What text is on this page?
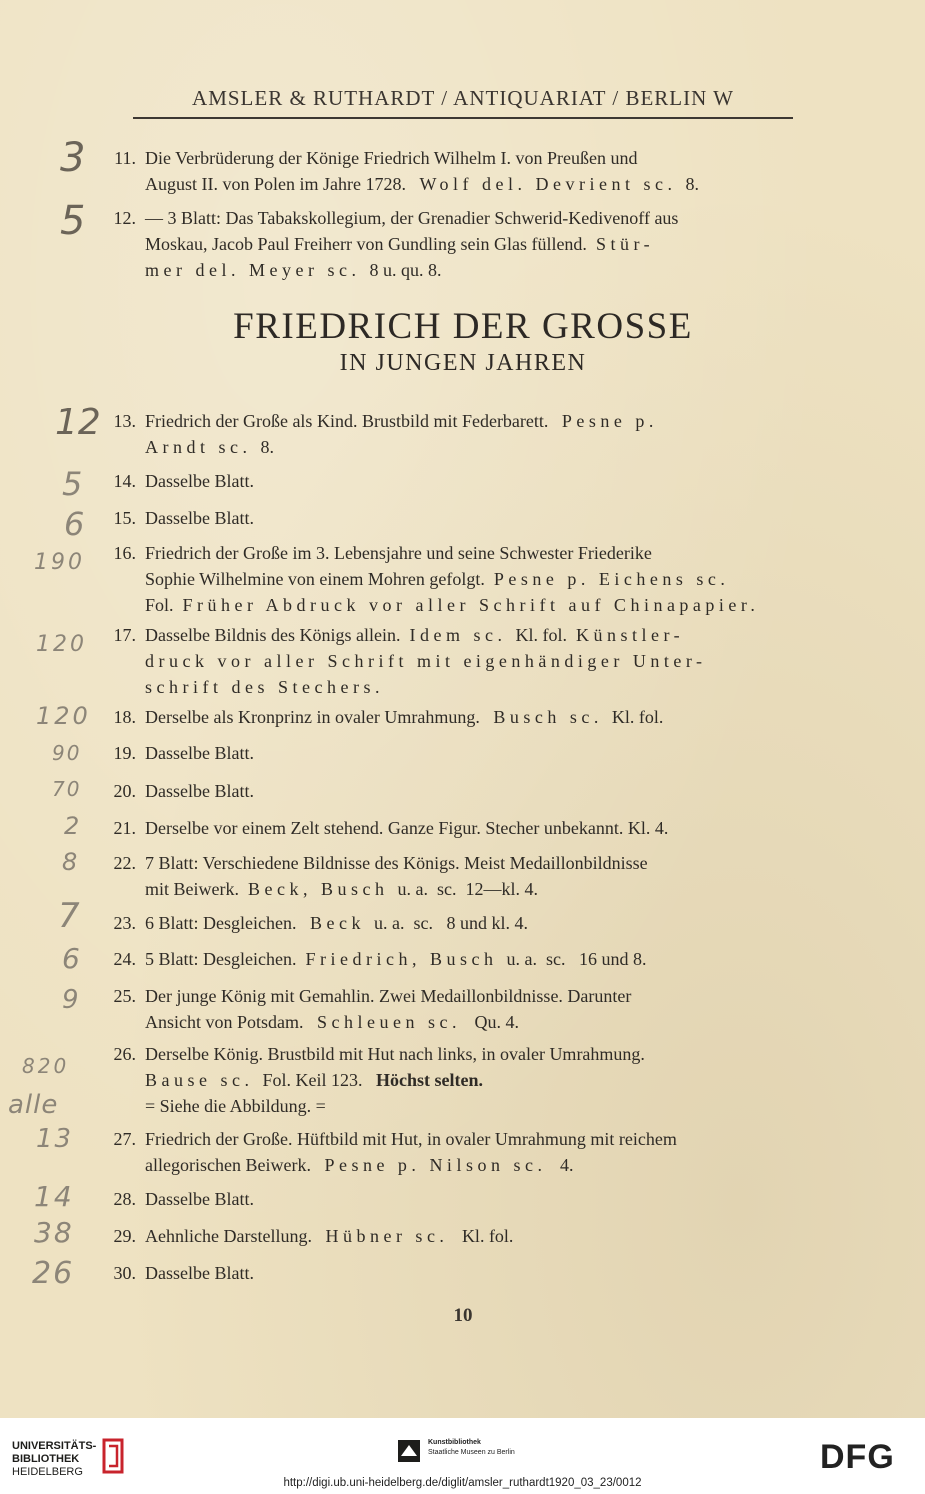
AMSLER & RUTHARDT / ANTIQUARIAT / BERLIN W
11. Die Verbrüderung der Könige Friedrich Wilhelm I. von Preußen und
August II. von Polen im Jahre 1728. Wolf del. Devrient sc. 8.
12. — 3 Blatt: Das Tabakskollegium, der Grenadier Schwerid-Kedivenoff aus
Moskau, Jacob Paul Freiherr von Gundling sein Glas füllend. Stür-
mer del. Meyer sc. 8 u. qu. 8.
FRIEDRICH DER GROSSE
IN JUNGEN JAHREN
13. Friedrich der Große als Kind. Brustbild mit Federbarett. Pesne p.
Arndt sc. 8.
14. Dasselbe Blatt.
15. Dasselbe Blatt.
16. Friedrich der Große im 3. Lebensjahre und seine Schwester Friederike
Sophie Wilhelmine von einem Mohren gefolgt. Pesne p. Eichens sc.
Fol. Früher Abdruck vor aller Schrift auf Chinapapier.
17. Dasselbe Bildnis des Königs allein. Idem sc. Kl. fol. Künstler-
druck vor aller Schrift mit eigenhändiger Unter-
schrift des Stechers.
18. Derselbe als Kronprinz in ovaler Umrahmung. Busch sc. Kl. fol.
19. Dasselbe Blatt.
20. Dasselbe Blatt.
21. Derselbe vor einem Zelt stehend. Ganze Figur. Stecher unbekannt. Kl. 4.
22. 7 Blatt: Verschiedene Bildnisse des Königs. Meist Medaillonbildnisse
mit Beiwerk. Beck, Busch u. a. sc. 12—kl. 4.
23. 6 Blatt: Desgleichen. Beck u. a. sc. 8 und kl. 4.
24. 5 Blatt: Desgleichen. Friedrich, Busch u. a. sc. 16 und 8.
25. Der junge König mit Gemahlin. Zwei Medaillonbildnisse. Darunter
Ansicht von Potsdam. Schleuen sc. Qu. 4.
26. Derselbe König. Brustbild mit Hut nach links, in ovaler Umrahmung.
Bause sc. Fol. Keil 123. Höchst selten.
= Siehe die Abbildung. =
27. Friedrich der Große. Hüftbild mit Hut, in ovaler Umrahmung mit reichem
allegorischen Beiwerk. Pesne p. Nilson sc. 4.
28. Dasselbe Blatt.
29. Aehnliche Darstellung. Hübner sc. Kl. fol.
30. Dasselbe Blatt.
3
5
12
5
6
190
120
120
90
70
2
8
7
6
9
820
alle
13
14
38
26
10
UNIVERSITÄTS-
BIBLIOTHEK
HEIDELBERG
Kunstbibliothek
Staatliche Museen zu Berlin	DFG
http://digi.ub.uni-heidelberg.de/diglit/amsler_ruthardt1920_03_23/0012
